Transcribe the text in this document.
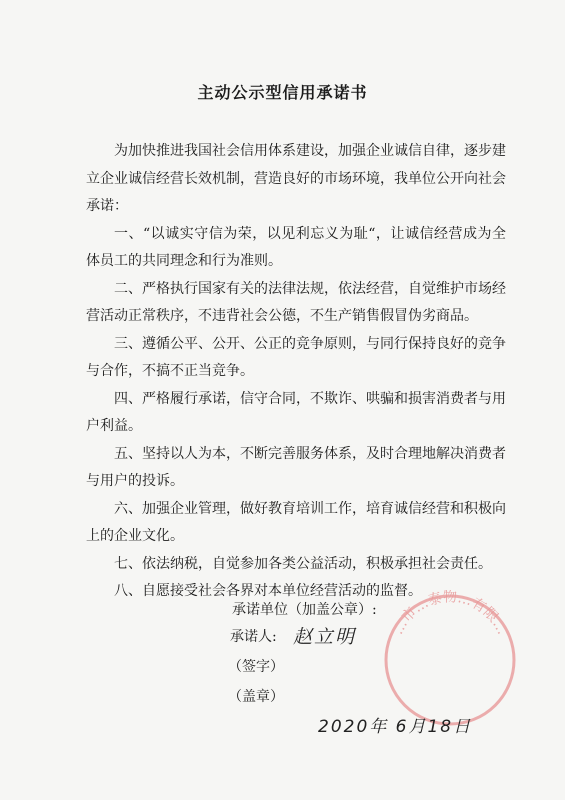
主动公示型信用承诺书

为加快推进我国社会信用体系建设，加强企业诚信自律，逐步建立企业诚信经营长效机制，营造良好的市场环境，我单位公开向社会承诺：

一、“以诚实守信为荣，以见利忘义为耻“，让诚信经营成为全体员工的共同理念和行为准则。

二、严格执行国家有关的法律法规，依法经营，自觉维护市场经营活动正常秩序，不违背社会公德，不生产销售假冒伪劣商品。

三、遵循公平、公开、公正的竞争原则，与同行保持良好的竞争与合作，不搞不正当竞争。

四、严格履行承诺，信守合同，不欺诈、哄骗和损害消费者与用户利益。

五、坚持以人为本，不断完善服务体系，及时合理地解决消费者与用户的投诉。

六、加强企业管理，做好教育培训工作，培育诚信经营和积极向上的企业文化。

七、依法纳税，自觉参加各类公益活动，积极承担社会责任。

八、自愿接受社会各界对本单位经营活动的监督。

…市…泰物…有限…
承诺单位（加盖公章）:
承诺人: 赵立明
（签字）
（盖章）
2020年 6月18日
